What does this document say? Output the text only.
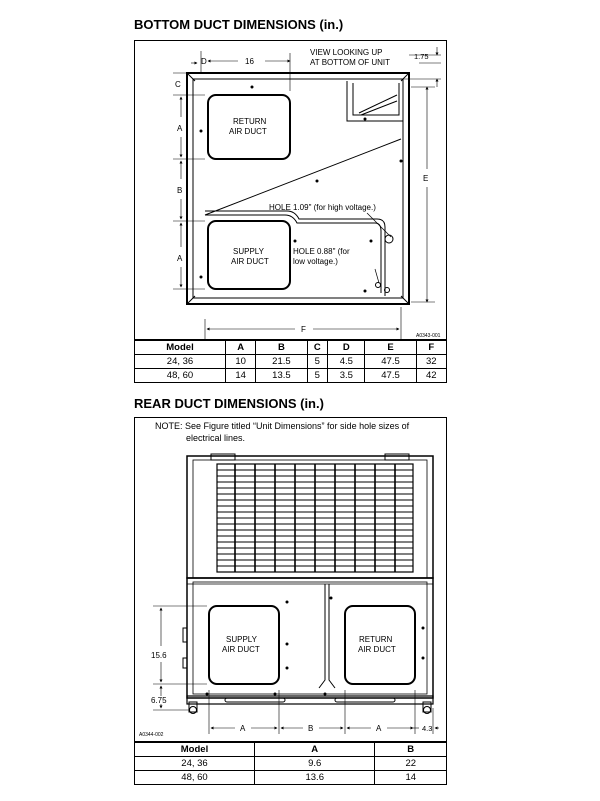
BOTTOM DUCT DIMENSIONS (in.)
D	16
VIEW LOOKING UP
AT BOTTOM OF UNIT
1.75
C
A
B
A
E
F
RETURN
AIR DUCT
SUPPLY
AIR DUCT
HOLE 1.09" (for high voltage.)
HOLE 0.88" (for
low voltage.)
A0343-001
Model	A	B	C	D	E	F
24, 36	10	21.5	5	4.5	47.5	32
48, 60	14	13.5	5	3.5	47.5	42
REAR DUCT DIMENSIONS (in.)
NOTE: See Figure titled “Unit Dimensions” for side hole sizes of
electrical lines.
SUPPLY
AIR DUCT
RETURN
AIR DUCT
15.6
6.75
A	B	A	4.3
A0344-002
Model	A	B
24, 36	9.6	22
48, 60	13.6	14
